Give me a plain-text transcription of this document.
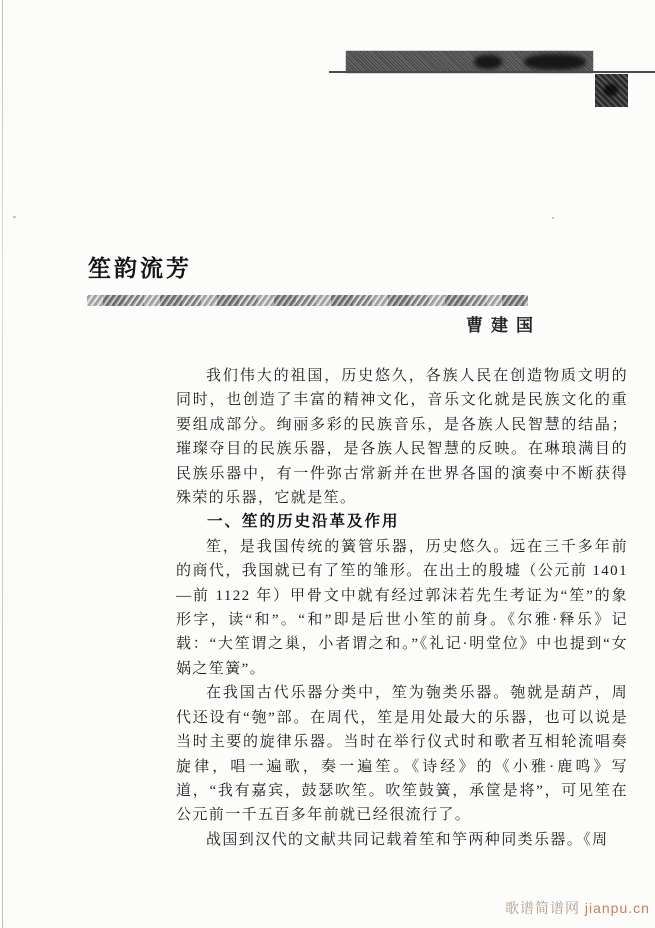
笙韵流芳
曹建国

我们伟大的祖国，历史悠久，各族人民在创造物质文明的同时，也创造了丰富的精神文化，音乐文化就是民族文化的重要组成部分。绚丽多彩的民族音乐，是各族人民智慧的结晶；璀璨夺目的民族乐器，是各族人民智慧的反映。在琳琅满目的民族乐器中，有一件弥古常新并在世界各国的演奏中不断获得殊荣的乐器，它就是笙。

一、笙的历史沿革及作用

笙，是我国传统的簧管乐器，历史悠久。远在三千多年前的商代，我国就已有了笙的雏形。在出土的殷墟（公元前 1401—前 1122 年）甲骨文中就有经过郭沫若先生考证为“笙”的象形字，读“和”。“和”即是后世小笙的前身。《尔雅·释乐》记载：“大笙谓之巢，小者谓之和。”《礼记·明堂位》中也提到“女娲之笙簧”。

在我国古代乐器分类中，笙为匏类乐器。匏就是葫芦，周代还设有“匏”部。在周代，笙是用处最大的乐器，也可以说是当时主要的旋律乐器。当时在举行仪式时和歌者互相轮流唱奏旋律，唱一遍歌，奏一遍笙。《诗经》的《小雅·鹿鸣》写道，“我有嘉宾，鼓瑟吹笙。吹笙鼓簧，承筐是将”，可见笙在公元前一千五百多年前就已经很流行了。

战国到汉代的文献共同记载着笙和竽两种同类乐器。《周

歌谱简谱网 jianpu.cn
